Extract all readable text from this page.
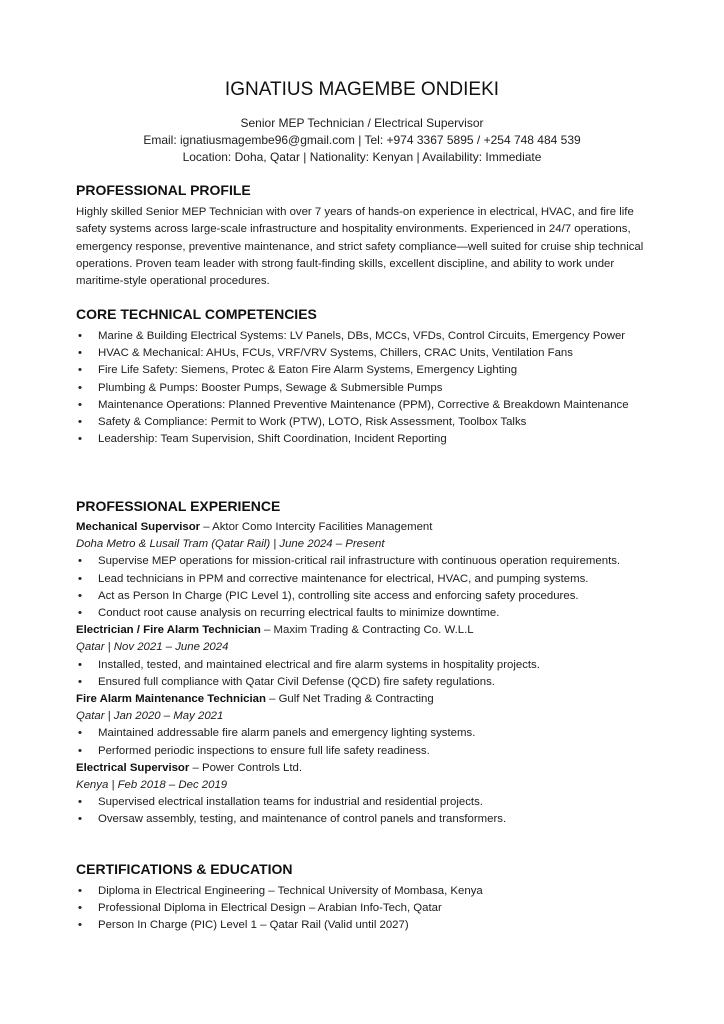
IGNATIUS MAGEMBE ONDIEKI
Senior MEP Technician / Electrical Supervisor
Email: ignatiusmagembe96@gmail.com | Tel: +974 3367 5895 / +254 748 484 539
Location: Doha, Qatar | Nationality: Kenyan | Availability: Immediate
PROFESSIONAL PROFILE

Highly skilled Senior MEP Technician with over 7 years of hands-on experience in electrical, HVAC, and fire life safety systems across large-scale infrastructure and hospitality environments. Experienced in 24/7 operations, emergency response, preventive maintenance, and strict safety compliance—well suited for cruise ship technical operations. Proven team leader with strong fault-finding skills, excellent discipline, and ability to work under maritime-style operational procedures.

CORE TECHNICAL COMPETENCIES
• Marine & Building Electrical Systems: LV Panels, DBs, MCCs, VFDs, Control Circuits, Emergency Power
• HVAC & Mechanical: AHUs, FCUs, VRF/VRV Systems, Chillers, CRAC Units, Ventilation Fans
• Fire Life Safety: Siemens, Protec & Eaton Fire Alarm Systems, Emergency Lighting
• Plumbing & Pumps: Booster Pumps, Sewage & Submersible Pumps
• Maintenance Operations: Planned Preventive Maintenance (PPM), Corrective & Breakdown Maintenance
• Safety & Compliance: Permit to Work (PTW), LOTO, Risk Assessment, Toolbox Talks
• Leadership: Team Supervision, Shift Coordination, Incident Reporting
PROFESSIONAL EXPERIENCE
Mechanical Supervisor – Aktor Como Intercity Facilities Management
Doha Metro & Lusail Tram (Qatar Rail) | June 2024 – Present
• Supervise MEP operations for mission-critical rail infrastructure with continuous operation requirements.
• Lead technicians in PPM and corrective maintenance for electrical, HVAC, and pumping systems.
• Act as Person In Charge (PIC Level 1), controlling site access and enforcing safety procedures.
• Conduct root cause analysis on recurring electrical faults to minimize downtime.
Electrician / Fire Alarm Technician – Maxim Trading & Contracting Co. W.L.L
Qatar | Nov 2021 – June 2024
• Installed, tested, and maintained electrical and fire alarm systems in hospitality projects.
• Ensured full compliance with Qatar Civil Defense (QCD) fire safety regulations.
Fire Alarm Maintenance Technician – Gulf Net Trading & Contracting
Qatar | Jan 2020 – May 2021
• Maintained addressable fire alarm panels and emergency lighting systems.
• Performed periodic inspections to ensure full life safety readiness.
Electrical Supervisor – Power Controls Ltd.
Kenya | Feb 2018 – Dec 2019
• Supervised electrical installation teams for industrial and residential projects.
• Oversaw assembly, testing, and maintenance of control panels and transformers.
CERTIFICATIONS & EDUCATION
• Diploma in Electrical Engineering – Technical University of Mombasa, Kenya
• Professional Diploma in Electrical Design – Arabian Info-Tech, Qatar
• Person In Charge (PIC) Level 1 – Qatar Rail (Valid until 2027)
